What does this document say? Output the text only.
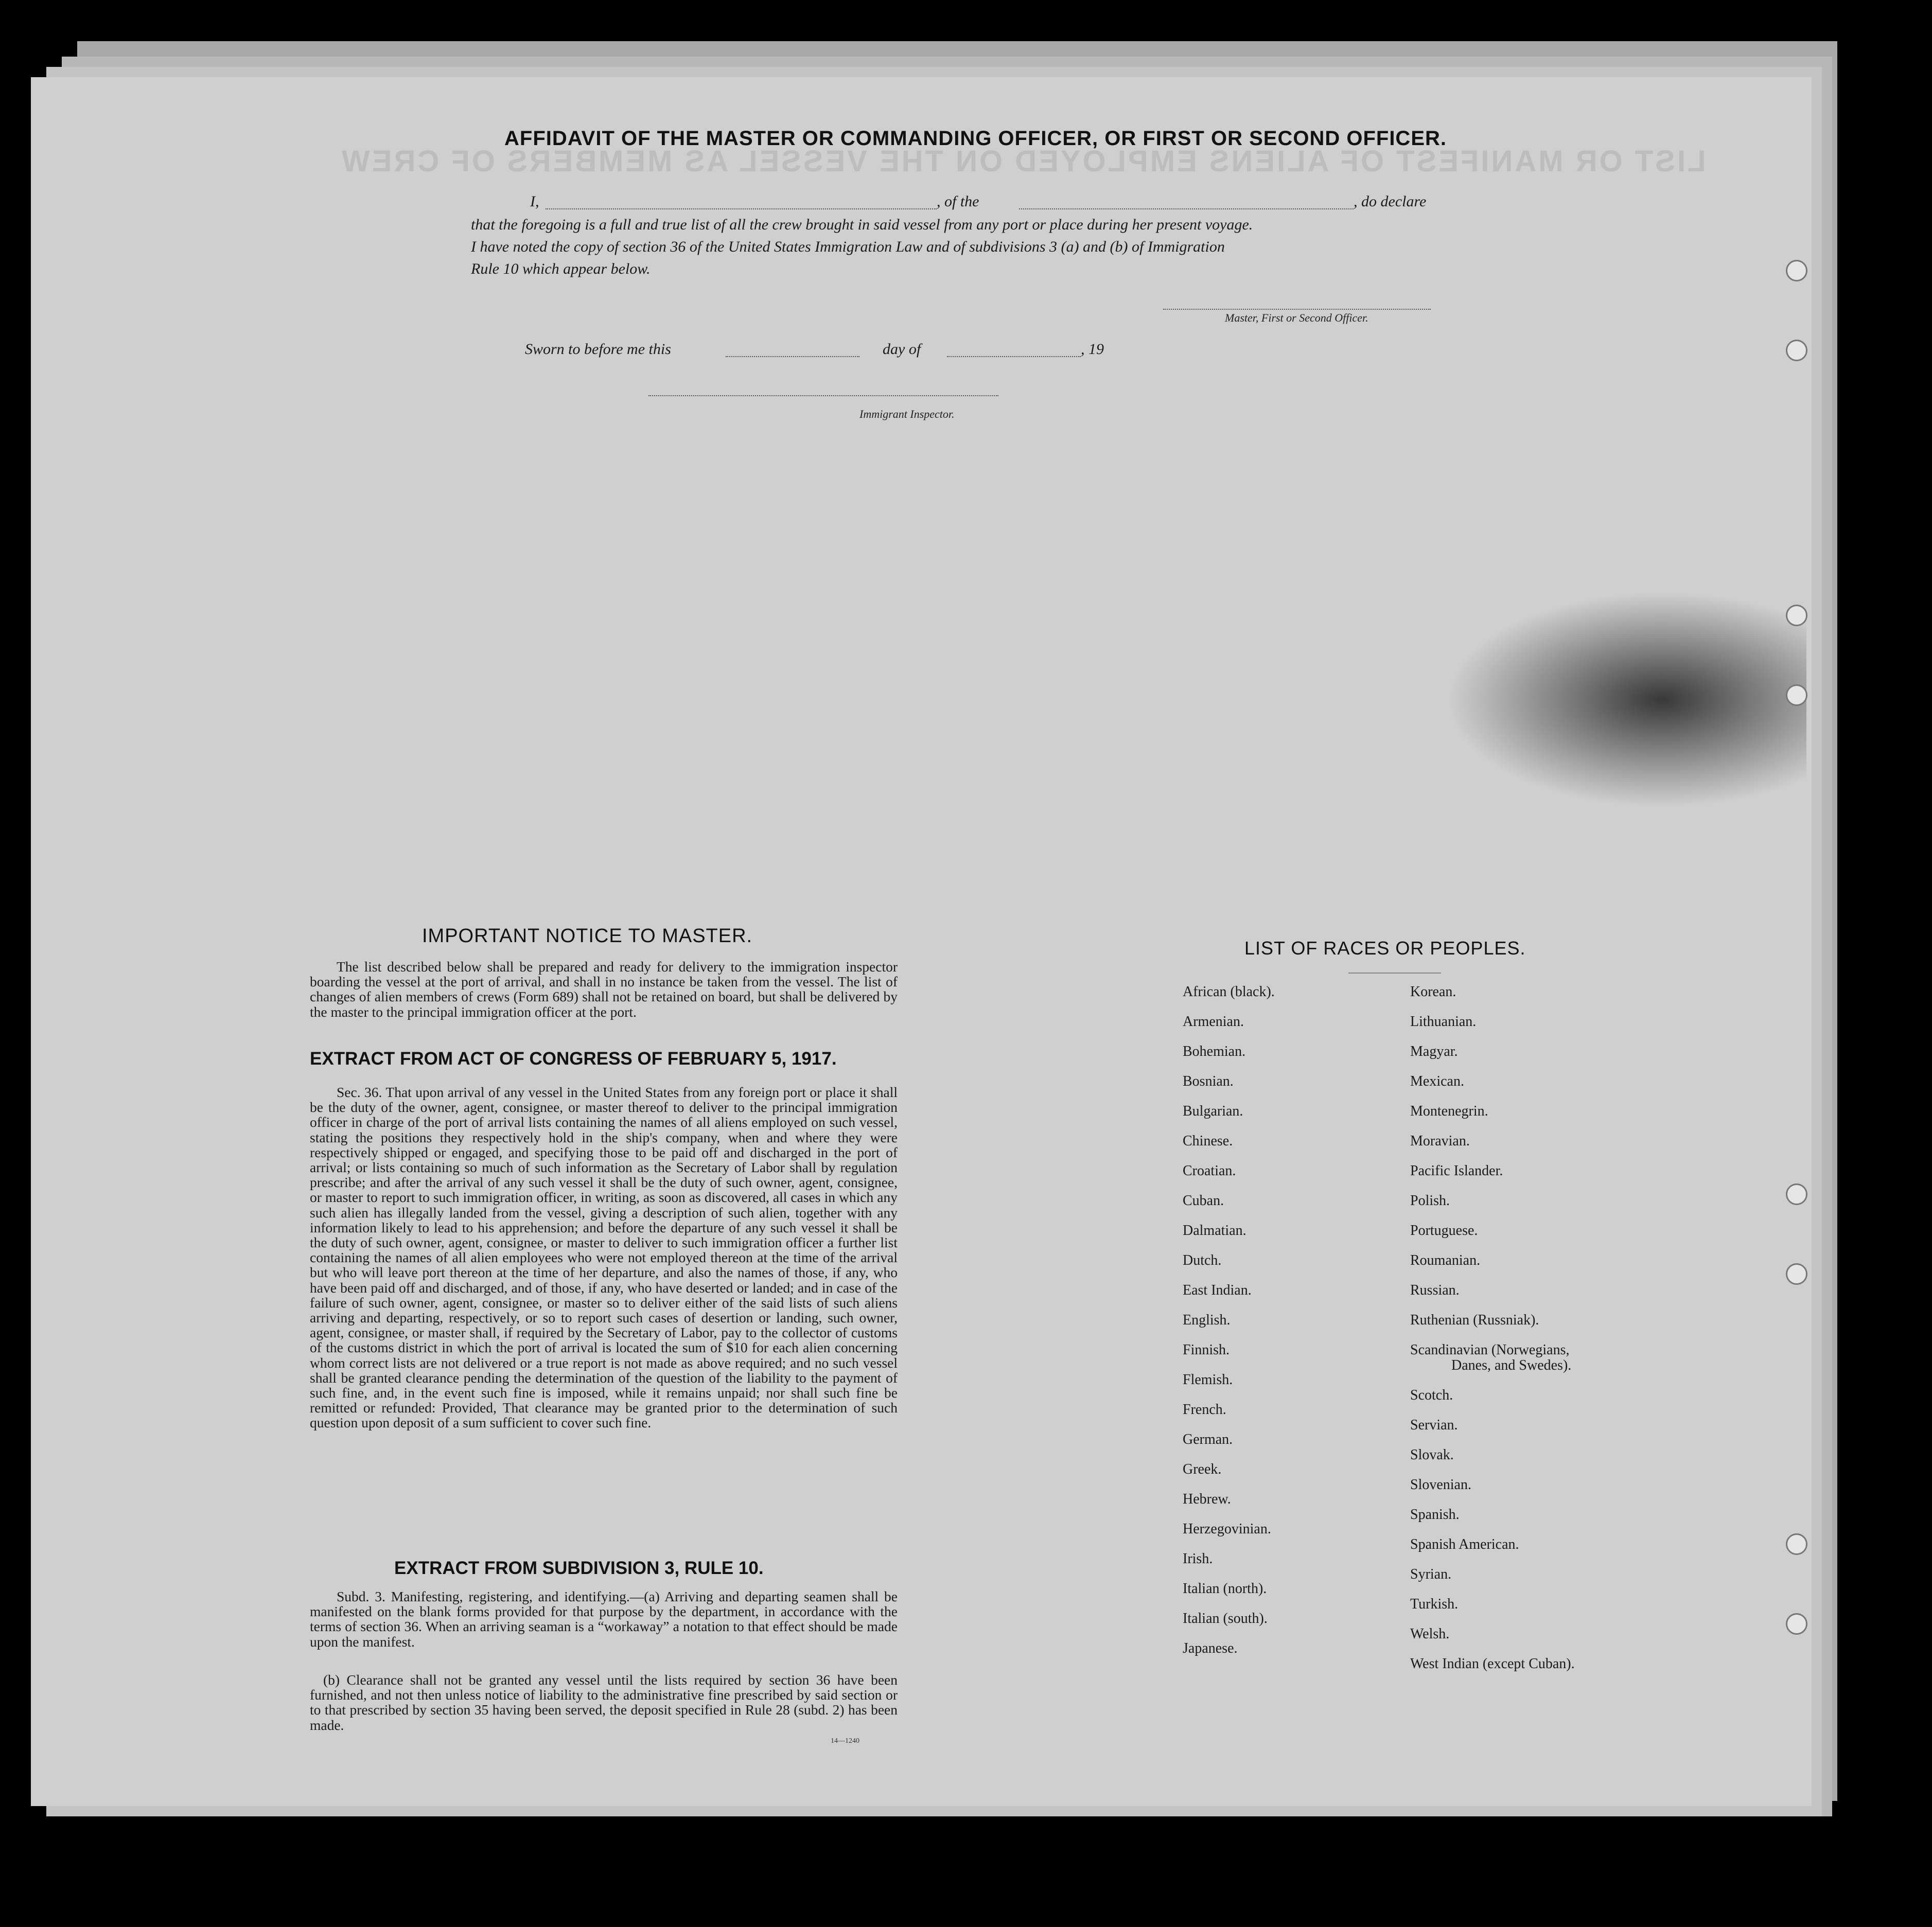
LIST OR MANIFEST OF ALIENS EMPLOYED ON THE VESSEL AS MEMBERS OF CREW
AFFIDAVIT OF THE MASTER OR COMMANDING OFFICER, OR FIRST OR SECOND OFFICER.
I,	, of the	, do declare
that the foregoing is a full and true list of all the crew brought in said vessel from any port or place during her present voyage.
I have noted the copy of section 36 of the United States Immigration Law and of subdivisions 3 (a) and (b) of Immigration
Rule 10 which appear below.
Master, First or Second Officer.
Sworn to before me this	day of	, 19
Immigrant Inspector.
IMPORTANT NOTICE TO MASTER.
The list described below shall be prepared and ready for delivery to the immigration inspector boarding the vessel at the port of arrival, and shall in no instance be taken from the vessel. The list of changes of alien members of crews (Form 689) shall not be retained on board, but shall be delivered by the master to the principal immigration officer at the port.
EXTRACT FROM ACT OF CONGRESS OF FEBRUARY 5, 1917.
Sec. 36. That upon arrival of any vessel in the United States from any foreign port or place it shall be the duty of the owner, agent, consignee, or master thereof to deliver to the principal immigration officer in charge of the port of arrival lists containing the names of all aliens employed on such vessel, stating the positions they respectively hold in the ship's company, when and where they were respectively shipped or engaged, and specifying those to be paid off and discharged in the port of arrival; or lists containing so much of such information as the Secretary of Labor shall by regulation prescribe; and after the arrival of any such vessel it shall be the duty of such owner, agent, consignee, or master to report to such immigration officer, in writing, as soon as discovered, all cases in which any such alien has illegally landed from the vessel, giving a description of such alien, together with any information likely to lead to his apprehension; and before the departure of any such vessel it shall be the duty of such owner, agent, consignee, or master to deliver to such immigration officer a further list containing the names of all alien employees who were not employed thereon at the time of the arrival but who will leave port thereon at the time of her departure, and also the names of those, if any, who have been paid off and discharged, and of those, if any, who have deserted or landed; and in case of the failure of such owner, agent, consignee, or master so to deliver either of the said lists of such aliens arriving and departing, respectively, or so to report such cases of desertion or landing, such owner, agent, consignee, or master shall, if required by the Secretary of Labor, pay to the collector of customs of the customs district in which the port of arrival is located the sum of $10 for each alien concerning whom correct lists are not delivered or a true report is not made as above required; and no such vessel shall be granted clearance pending the determination of the question of the liability to the payment of such fine, and, in the event such fine is imposed, while it remains unpaid; nor shall such fine be remitted or refunded: Provided, That clearance may be granted prior to the determination of such question upon deposit of a sum sufficient to cover such fine.
EXTRACT FROM SUBDIVISION 3, RULE 10.
Subd. 3. Manifesting, registering, and identifying.—(a) Arriving and departing seamen shall be manifested on the blank forms provided for that purpose by the department, in accordance with the terms of section 36. When an arriving seaman is a “workaway” a notation to that effect should be made upon the manifest.
(b) Clearance shall not be granted any vessel until the lists required by section 36 have been furnished, and not then unless notice of liability to the administrative fine prescribed by said section or to that prescribed by section 35 having been served, the deposit specified in Rule 28 (subd. 2) has been made.
14—1240
LIST OF RACES OR PEOPLES.
African (black).
Armenian.
Bohemian.
Bosnian.
Bulgarian.
Chinese.
Croatian.
Cuban.
Dalmatian.
Dutch.
East Indian.
English.
Finnish.
Flemish.
French.
German.
Greek.
Hebrew.
Herzegovinian.
Irish.
Italian (north).
Italian (south).
Japanese.
Korean.
Lithuanian.
Magyar.
Mexican.
Montenegrin.
Moravian.
Pacific Islander.
Polish.
Portuguese.
Roumanian.
Russian.
Ruthenian (Russniak).
Scandinavian (Norwegians,
Danes, and Swedes).
Scotch.
Servian.
Slovak.
Slovenian.
Spanish.
Spanish American.
Syrian.
Turkish.
Welsh.
West Indian (except Cuban).
